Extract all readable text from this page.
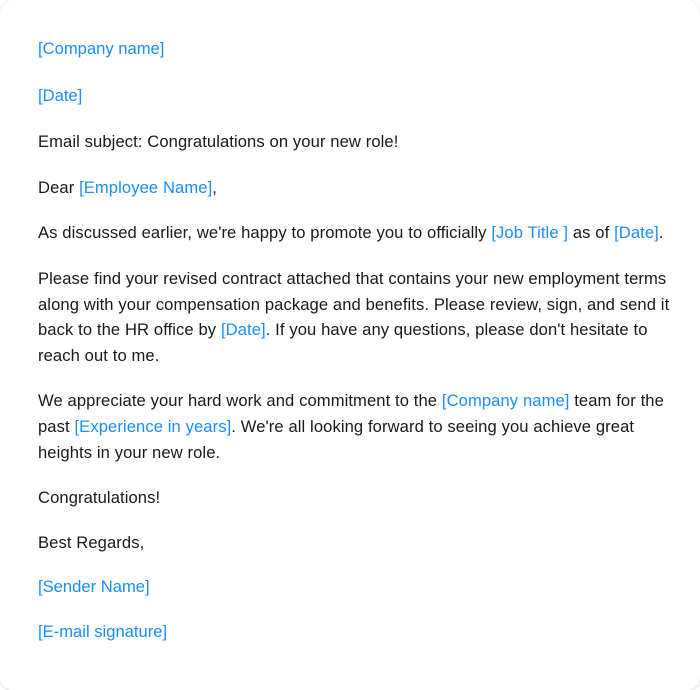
[Company name]

[Date]

Email subject: Congratulations on your new role!

Dear [Employee Name],

As discussed earlier, we're happy to promote you to officially [Job Title ] as of [Date].

Please find your revised contract attached that contains your new employment terms along with your compensation package and benefits. Please review, sign, and send it back to the HR office by [Date]. If you have any questions, please don't hesitate to reach out to me.

We appreciate your hard work and commitment to the [Company name] team for the past [Experience in years]. We're all looking forward to seeing you achieve great heights in your new role.

Congratulations!

Best Regards,

[Sender Name]

[E-mail signature]
